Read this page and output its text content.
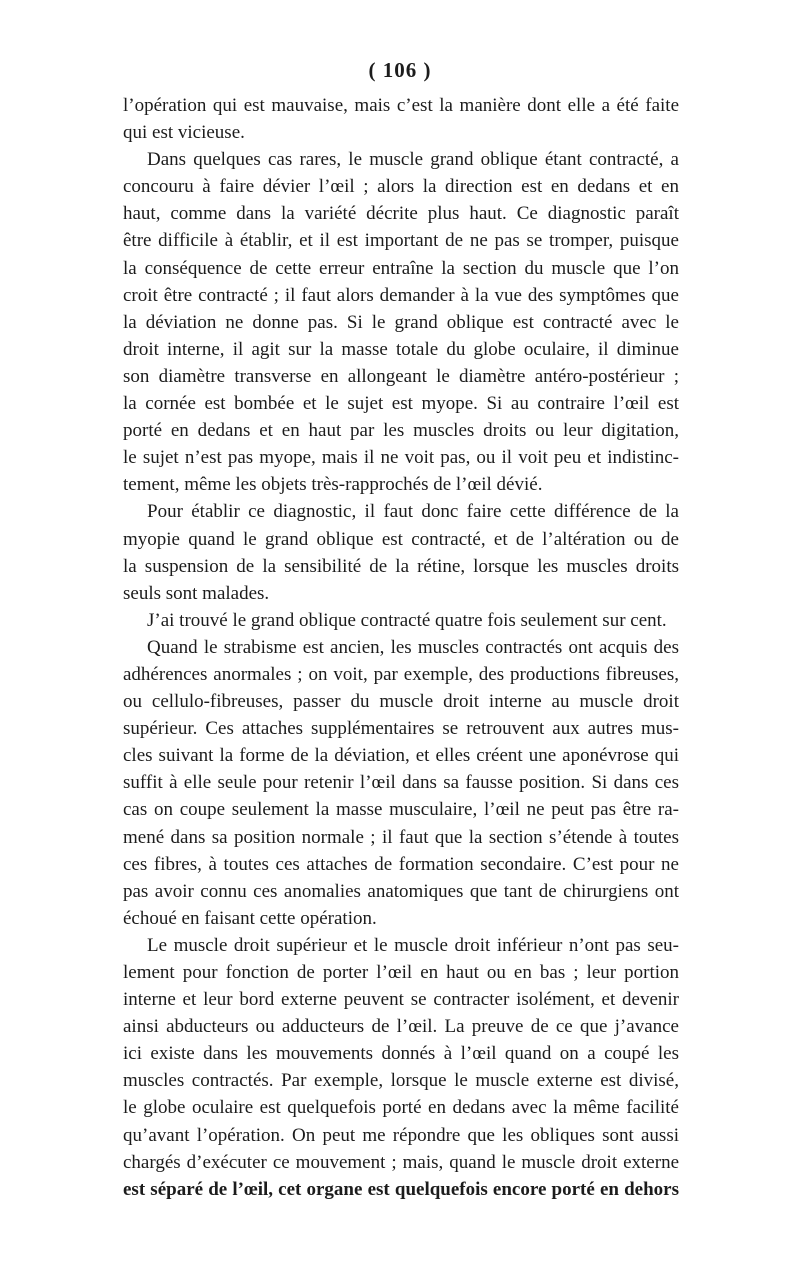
( 106 )
l’opération qui est mauvaise, mais c’est la manière dont elle a été faite
qui est vicieuse.
Dans quelques cas rares, le muscle grand oblique étant contracté, a
concouru à faire dévier l’œil ; alors la direction est en dedans et en
haut, comme dans la variété décrite plus haut. Ce diagnostic paraît
être difficile à établir, et il est important de ne pas se tromper, puisque
la conséquence de cette erreur entraîne la section du muscle que l’on
croit être contracté ; il faut alors demander à la vue des symptômes que
la déviation ne donne pas. Si le grand oblique est contracté avec le
droit interne, il agit sur la masse totale du globe oculaire, il diminue
son diamètre transverse en allongeant le diamètre antéro-postérieur ;
la cornée est bombée et le sujet est myope. Si au contraire l’œil est
porté en dedans et en haut par les muscles droits ou leur digitation,
le sujet n’est pas myope, mais il ne voit pas, ou il voit peu et indistinc-
tement, même les objets très-rapprochés de l’œil dévié.
Pour établir ce diagnostic, il faut donc faire cette différence de la
myopie quand le grand oblique est contracté, et de l’altération ou de
la suspension de la sensibilité de la rétine, lorsque les muscles droits
seuls sont malades.
J’ai trouvé le grand oblique contracté quatre fois seulement sur cent.
Quand le strabisme est ancien, les muscles contractés ont acquis des
adhérences anormales ; on voit, par exemple, des productions fibreuses,
ou cellulo-fibreuses, passer du muscle droit interne au muscle droit
supérieur. Ces attaches supplémentaires se retrouvent aux autres mus-
cles suivant la forme de la déviation, et elles créent une aponévrose qui
suffit à elle seule pour retenir l’œil dans sa fausse position. Si dans ces
cas on coupe seulement la masse musculaire, l’œil ne peut pas être ra-
mené dans sa position normale ; il faut que la section s’étende à toutes
ces fibres, à toutes ces attaches de formation secondaire. C’est pour ne
pas avoir connu ces anomalies anatomiques que tant de chirurgiens ont
échoué en faisant cette opération.
Le muscle droit supérieur et le muscle droit inférieur n’ont pas seu-
lement pour fonction de porter l’œil en haut ou en bas ; leur portion
interne et leur bord externe peuvent se contracter isolément, et devenir
ainsi abducteurs ou adducteurs de l’œil. La preuve de ce que j’avance
ici existe dans les mouvements donnés à l’œil quand on a coupé les
muscles contractés. Par exemple, lorsque le muscle externe est divisé,
le globe oculaire est quelquefois porté en dedans avec la même facilité
qu’avant l’opération. On peut me répondre que les obliques sont aussi
chargés d’exécuter ce mouvement ; mais, quand le muscle droit externe
est séparé de l’œil, cet organe est quelquefois encore porté en dehors
